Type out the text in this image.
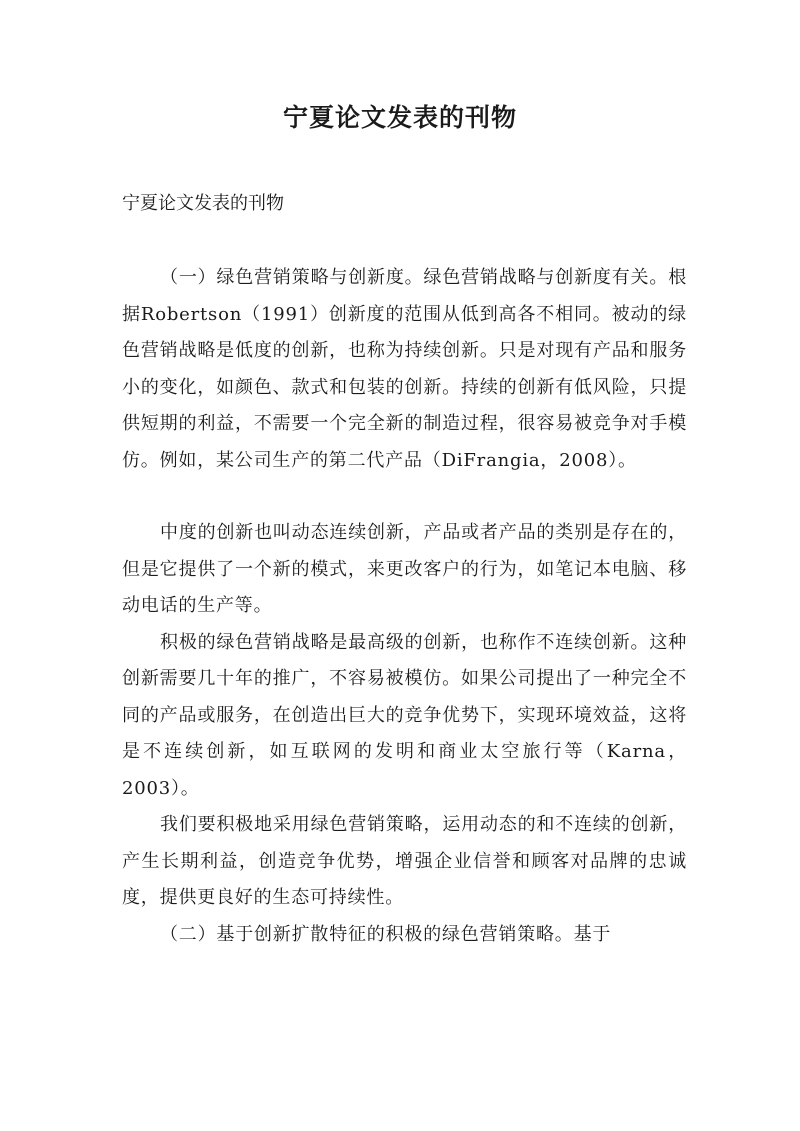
宁夏论文发表的刊物

宁夏论文发表的刊物

（一）绿色营销策略与创新度。绿色营销战略与创新度有关。根据Robertson（1991）创新度的范围从低到高各不相同。被动的绿色营销战略是低度的创新，也称为持续创新。只是对现有产品和服务小的变化，如颜色、款式和包装的创新。持续的创新有低风险，只提供短期的利益，不需要一个完全新的制造过程，很容易被竞争对手模仿。例如，某公司生产的第二代产品（DiFrangia，2008）。

中度的创新也叫动态连续创新，产品或者产品的类别是存在的，但是它提供了一个新的模式，来更改客户的行为，如笔记本电脑、移动电话的生产等。

积极的绿色营销战略是最高级的创新，也称作不连续创新。这种创新需要几十年的推广，不容易被模仿。如果公司提出了一种完全不同的产品或服务，在创造出巨大的竞争优势下，实现环境效益，这将是不连续创新，如互联网的发明和商业太空旅行等（Karna，2003）。

我们要积极地采用绿色营销策略，运用动态的和不连续的创新，产生长期利益，创造竞争优势，增强企业信誉和顾客对品牌的忠诚度，提供更良好的生态可持续性。

（二）基于创新扩散特征的积极的绿色营销策略。基于
